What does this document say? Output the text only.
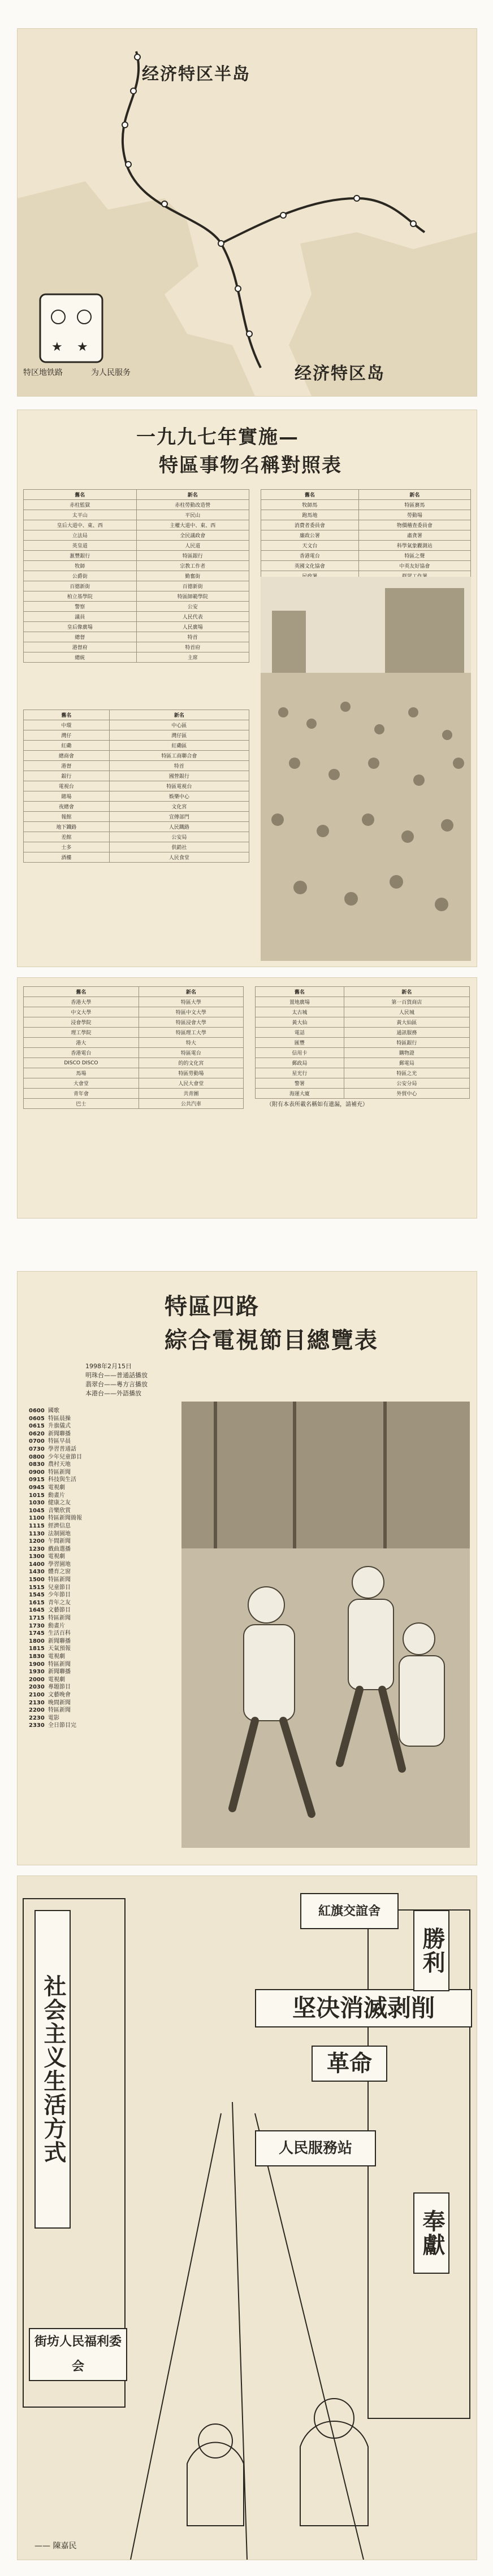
★ ★
经济特区半岛
经济特区岛
特区地铁路	为人民服务
一九九七年實施—
特區事物名稱對照表
舊名	新名
赤柱監獄	赤柱勞動改造營
太平山	平民山
皇后大道中、東、西	主權大道中、東、西
立法局	全民議政會
英皇道	人民道
滙豐銀行	特區銀行
牧師	宗教工作者
公爵街	勤奮街
百德新街	百德新街
柏立基學院	特區師範學院
警察	公安
議員	人民代表
皇后像廣場	人民廣場
總督	特首
港督府	特首府
總統	主席
舊名	新名
牧師馬	特區賽馬
跑馬地	勞動場
消費者委員會	物價稽查委員會
廉政公署	肅貪署
天文台	科學氣象觀測站
香港電台	特區之聲
英國文化協會	中英友好協會

舊名	新名
中環	中心區
灣仔	灣仔區
紅磡	紅磡區
總商會	特區工商聯合會
港督	特首
銀行	國營銀行
電視台	特區電視台
賭場	娛樂中心
夜總會	文化宮
報館	宣傳部門
地下鐵路	人民鐵路
差館	公安局
士多	供銷社
酒樓	人民食堂
舊名	新名
香港大學	特區大學
中文大學	特區中文大學
浸會學院	特區浸會大學
理工學院	特區理工大學
港大	特大
香港電台	特區電台
DISCO DISCO	的的文化宮
馬場	特區勞動場
大會堂	人民大會堂
青年會	共青團
巴士	公共汽車
舊名	新名
置地廣場	第一百貨商店
太古城	人民城
黃大仙	黃大仙區
電話	通訊服務
匯豐	特區銀行
信用卡	購物證
郵政局	郵電局
星光行	特區之光
警署	公安分局
海運大廈	外貿中心
（附有本表所載名稱如有遺漏，請補充）
特區四路
綜合電視節目總覽表
1998年2月15日
明珠台——普通話播放
翡翠台——粵方言播放
本港台——外語播放
0600 國歌
0605 特區晨操
0615 升旗儀式
0620 新聞聯播
0700 特區早晨
0730 學習普通話
0800 少年兒童節目
0830 農村天地
0900 特區新聞
0915 科技與生活
0945 電視劇
1015 動畫片
1030 健康之友
1045 音樂欣賞
1100 特區新聞簡報
1115 經濟信息
1130 法制園地
1200 午間新聞
1230 戲曲選播
1300 電視劇
1400 學習園地
1430 體育之窗
1500 特區新聞
1515 兒童節目
1545 少年節目
1615 青年之友
1645 文藝節目
1715 特區新聞
1730 動畫片
1745 生活百科
1800 新聞聯播
1815 天氣預報
1830 電視劇
1900 特區新聞
1930 新聞聯播
2000 電視劇
2030 專題節目
2100 文藝晚會
2130 晚間新聞
2200 特區新聞
2230 電影
2330 全日節目完
社会主义生活方式	坚决消滅剥削
革命
紅旗交誼舍
人民服務站
街坊人民福利委会
勝利
奉獻
—— 陳嘉民
